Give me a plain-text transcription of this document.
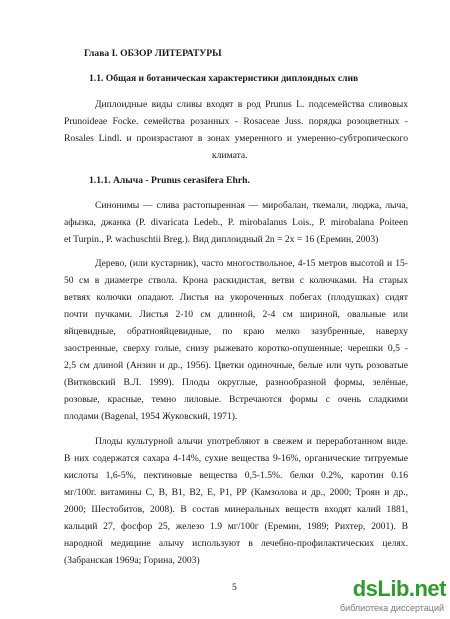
Глава I. ОБЗОР ЛИТЕРАТУРЫ
1.1. Общая и ботаническая характеристики диплоидных слив
Диплоидные виды сливы входят в род Prunus L. подсемейства сливовых
Prunoideae Focke. семейства розанных - Rosaceae Juss. порядка розоцветных -
Rosales Lindl. и произрастают в зонах умеренного и умеренно-субтропического
климата.
1.1.1. Алыча - Prunus cerasifera Ehrh.
Синонимы — слива растопыренная — миробалан, ткемали, люджа, лыча,
афызка, джанка (P. divaricata Ledeb., P. mirobalanus Lois., P. mirobalana Poiteen
et Turpin., P. wachuschtii Breg.). Вид диплоидный 2n = 2x = 16 (Еремин, 2003)
Дерево, (или кустарник), часто многоствольное, 4-15 метров высотой и 15-
50 см в диаметре ствола. Крона раскидистая, ветви с колючками. На старых
ветвях колючки опадают. Листья на укороченных побегах (плодушках) сидят
почти пучками. Листья 2-10 см длинной, 2-4 см шириной, овальные или
яйцевидные, обратнояйцевидные, по краю мелко зазубренные, наверху
заостренные, сверху голые, снизу рыжевато коротко-опушенные; черешки 0,5 -
2,5 см длиной (Анзин и др., 1956). Цветки одиночные, белые или чуть розоватые
(Витковский В.Л. 1999). Плоды округлые, разнообразной формы, зелёные,
розовые, красные, темно лиловые. Встречаются формы с очень сладкими
плодами (Bagenal, 1954 Жуковский, 1971).
Плоды культурной алычи употребляют в свежем и переработанном виде.
В них содержатся сахара 4-14%, сухие вещества 9-16%, органические титруемые
кислоты 1,6-5%, пектиновые вещества 0,5-1.5%. белки 0.2%, каротин 0.16
мг/100г. витамины С, В, В1, В2, Е, Р1, РР (Камзолова и др., 2000; Троян и др.,
2000; Шестобитов, 2008). В состав минеральных веществ входят калий 1881,
кальций 27, фосфор 25, железо 1.9 мг/100г (Еремин, 1989; Рихтер, 2001). В
народной медицине алычу используют в лечебно-профилактических целях.
(Забранская 1969а; Горина, 2003)
5	dsLib.net
библиотека диссертаций
